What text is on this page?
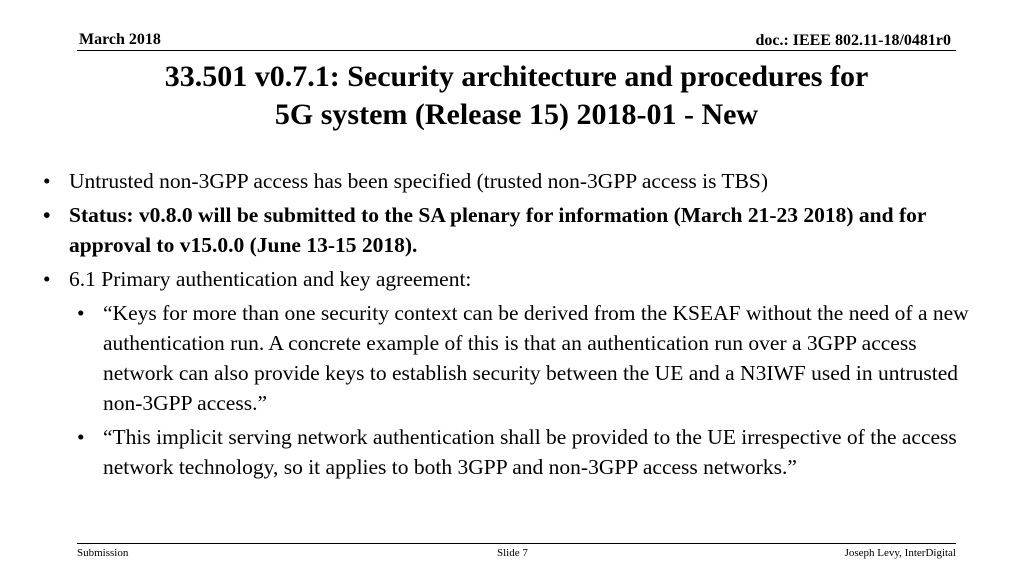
March 2018	doc.: IEEE 802.11-18/0481r0
33.501 v0.7.1: Security architecture and procedures for
5G system (Release 15) 2018-01 - New
• Untrusted non-3GPP access has been specified (trusted non-3GPP access is TBS)
• Status: v0.8.0 will be submitted to the SA plenary for information (March 21-23 2018) and for approval to v15.0.0 (June 13-15 2018).
• 6.1 Primary authentication and key agreement:
• “Keys for more than one security context can be derived from the KSEAF without the need of a new authentication run. A concrete example of this is that an authentication run over a 3GPP access network can also provide keys to establish security between the UE and a N3IWF used in untrusted non-3GPP access.”
• “This implicit serving network authentication shall be provided to the UE irrespective of the access network technology, so it applies to both 3GPP and non-3GPP access networks.”
Submission	Slide 7	Joseph Levy, InterDigital
